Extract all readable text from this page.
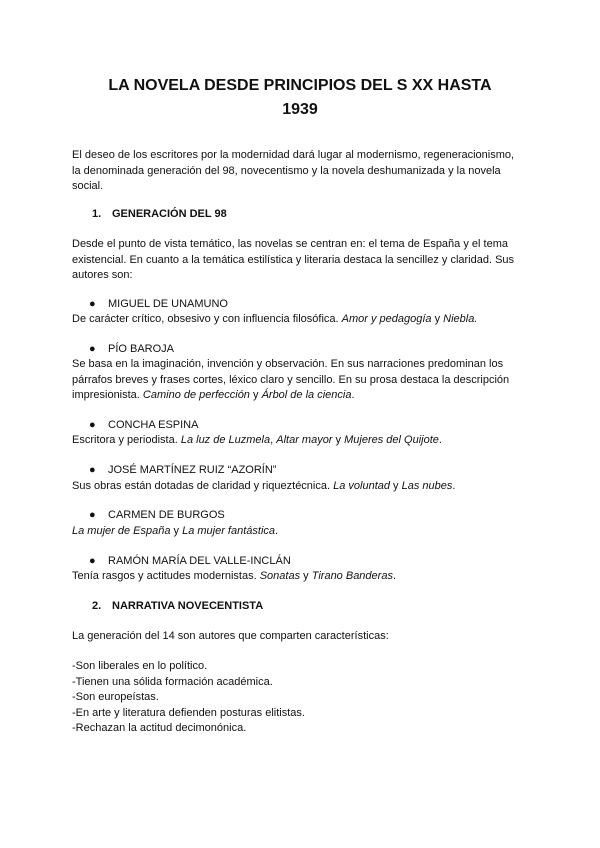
LA NOVELA DESDE PRINCIPIOS DEL S XX HASTA
1939
El deseo de los escritores por la modernidad dará lugar al modernismo, regeneracionismo,
la denominada generación del 98, novecentismo y la novela deshumanizada y la novela
social.
1. GENERACIÓN DEL 98
Desde el punto de vista temático, las novelas se centran en: el tema de España y el tema
existencial. En cuanto a la temática estilística y literaria destaca la sencillez y claridad. Sus
autores son:
● MIGUEL DE UNAMUNO
De carácter crítico, obsesivo y con influencia filosófica. Amor y pedagogía y Niebla.
● PÍO BAROJA
Se basa en la imaginación, invención y observación. En sus narraciones predominan los
párrafos breves y frases cortes, léxico claro y sencillo. En su prosa destaca la descripción
impresionista. Camino de perfección y Árbol de la ciencia.
● CONCHA ESPINA
Escritora y periodista. La luz de Luzmela, Altar mayor y Mujeres del Quijote.
● JOSÉ MARTÍNEZ RUIZ “AZORÍN”
Sus obras están dotadas de claridad y riqueztécnica. La voluntad y Las nubes.
● CARMEN DE BURGOS
La mujer de España y La mujer fantástica.
● RAMÓN MARÍA DEL VALLE-INCLÁN
Tenía rasgos y actitudes modernistas. Sonatas y Tirano Banderas.
2. NARRATIVA NOVECENTISTA
La generación del 14 son autores que comparten características:
-Son liberales en lo político.
-Tienen una sólida formación académica.
-Son europeístas.
-En arte y literatura defienden posturas elitistas.
-Rechazan la actitud decimonónica.
